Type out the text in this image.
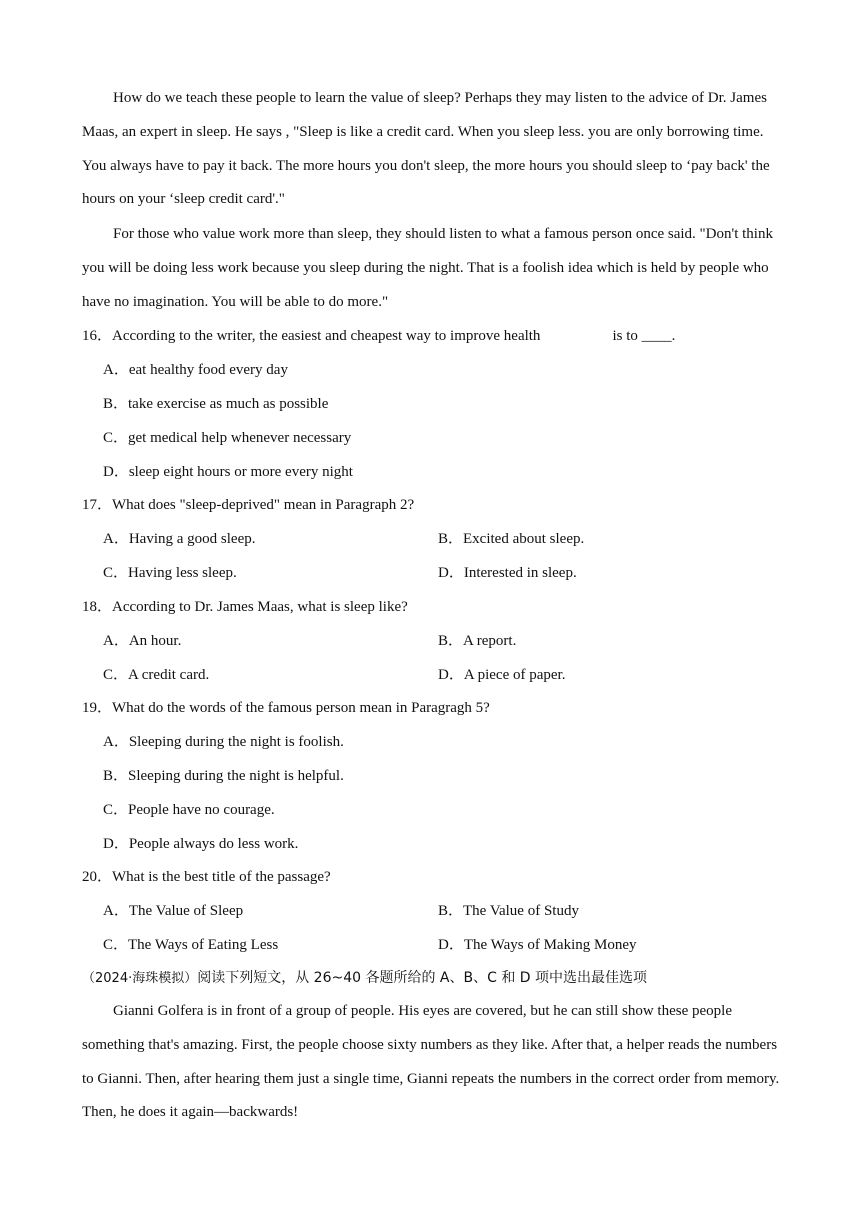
How do we teach these people to learn the value of sleep? Perhaps they may listen to the advice of Dr. James Maas, an expert in sleep. He says , "Sleep is like a credit card. When you sleep less. you are only borrowing time. You always have to pay it back. The more hours you don't sleep, the more hours you should sleep to ‘pay back' the hours on your ‘sleep credit card'."

For those who value work more than sleep, they should listen to what a famous person once said. "Don't think you will be doing less work because you sleep during the night. That is a foolish idea which is held by people who have no imagination. You will be able to do more."

16．According to the writer, the easiest and cheapest way to improve health	is to ____.
A．eat healthy food every day
B．take exercise as much as possible
C．get medical help whenever necessary
D．sleep eight hours or more every night
17．What does "sleep-deprived" mean in Paragraph 2?
A．Having a good sleep.	B．Excited about sleep.
C．Having less sleep.	D．Interested in sleep.
18．According to Dr. James Maas, what is sleep like?
A．An hour.	B．A report.
C．A credit card.	D．A piece of paper.
19．What do the words of the famous person mean in Paragragh 5?
A．Sleeping during the night is foolish.
B．Sleeping during the night is helpful.
C．People have no courage.
D．People always do less work.
20．What is the best title of the passage?
A．The Value of Sleep	B．The Value of Study
C．The Ways of Eating Less	D．The Ways of Making Money
（2024·海珠模拟）阅读下列短文，从 26~40 各题所给的 A、B、C 和 D 项中选出最佳选项

Gianni Golfera is in front of a group of people. His eyes are covered, but he can still show these people something that's amazing. First, the people choose sixty numbers as they like. After that, a helper reads the numbers to Gianni. Then, after hearing them just a single time, Gianni repeats the numbers in the correct order from memory. Then, he does it again—backwards!
